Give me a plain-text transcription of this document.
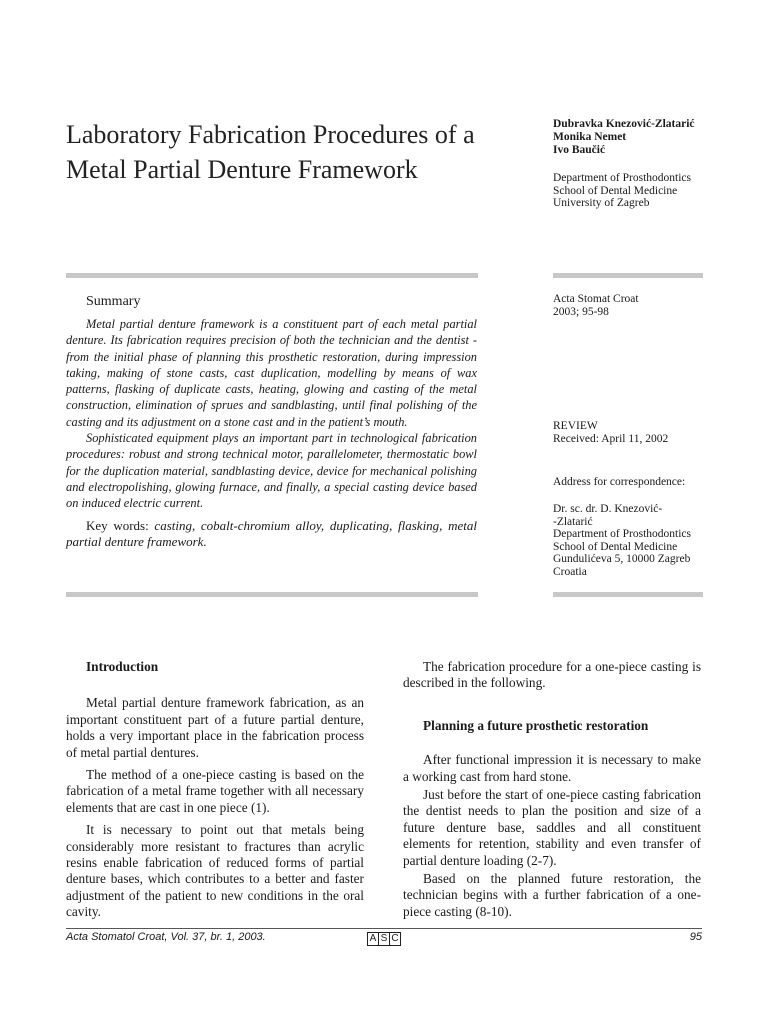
Laboratory Fabrication Procedures of a Metal Partial Denture Framework
Dubravka Knezović-Zlatarić
Monika Nemet
Ivo Baučić
Department of Prosthodontics
School of Dental Medicine
University of Zagreb
Summary

Metal partial denture framework is a constituent part of each metal partial denture. Its fabrication requires precision of both the technician and the dentist - from the initial phase of planning this prosthetic restoration, during impression taking, making of stone casts, cast duplication, modelling by means of wax patterns, flasking of duplicate casts, heating, glowing and casting of the metal construction, elimination of sprues and sandblasting, until final polishing of the casting and its adjustment on a stone cast and in the patient’s mouth.

Sophisticated equipment plays an important part in technological fabrication procedures: robust and strong technical motor, parallelometer, thermostatic bowl for the duplication material, sandblasting device, device for mechanical polishing and electropolishing, glowing furnace, and finally, a special casting device based on induced electric current.

Key words: casting, cobalt-chromium alloy, duplicating, flasking, metal partial denture framework.

Acta Stomat Croat
2003; 95-98
REVIEW
Received: April 11, 2002
Address for correspondence:
Dr. sc. dr. D. Knezović-
-Zlatarić
Department of Prosthodontics
School of Dental Medicine
Gundulićeva 5, 10000 Zagreb
Croatia
Introduction

Metal partial denture framework fabrication, as an important constituent part of a future partial denture, holds a very important place in the fabrication process of metal partial dentures.

The method of a one-piece casting is based on the fabrication of a metal frame together with all necessary elements that are cast in one piece (1).

It is necessary to point out that metals being considerably more resistant to fractures than acrylic resins enable fabrication of reduced forms of partial denture bases, which contributes to a better and faster adjustment of the patient to new conditions in the oral cavity.

The fabrication procedure for a one-piece casting is described in the following.

Planning a future prosthetic restoration

After functional impression it is necessary to make a working cast from hard stone.

Just before the start of one-piece casting fabrication the dentist needs to plan the position and size of a future denture base, saddles and all constituent elements for retention, stability and even transfer of partial denture loading (2-7).

Based on the planned future restoration, the technician begins with a further fabrication of a one-piece casting (8-10).

Acta Stomatol Croat, Vol. 37, br. 1, 2003.	A S C	95
